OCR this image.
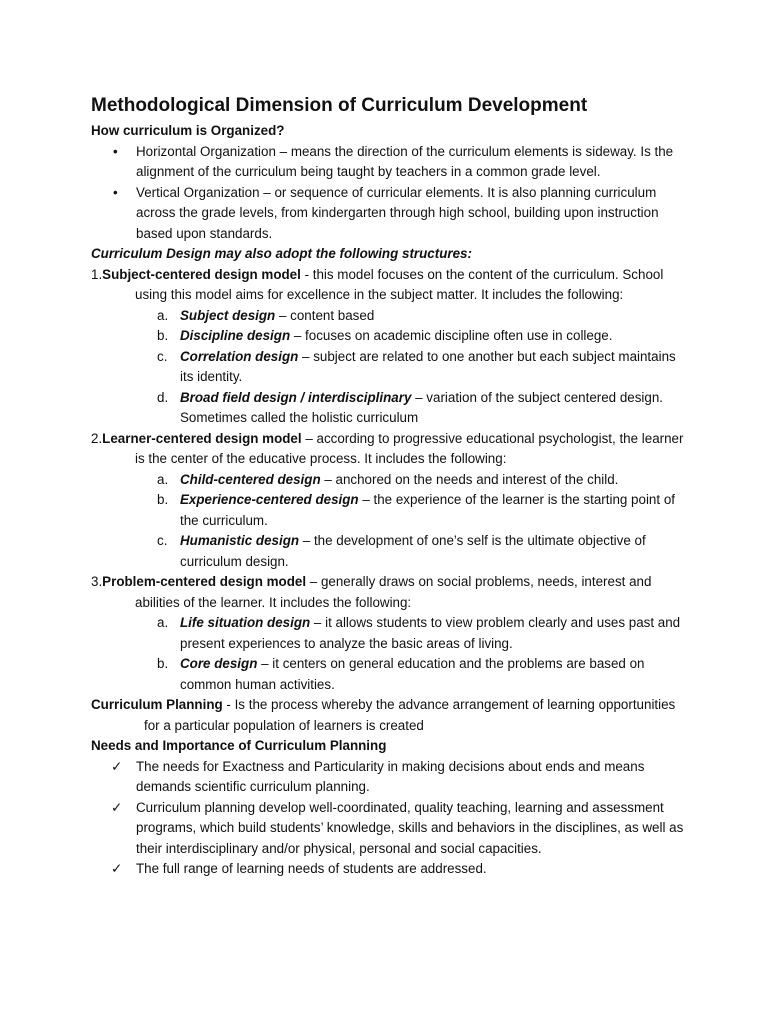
Methodological Dimension of Curriculum Development

How curriculum is Organized?

• Horizontal Organization – means the direction of the curriculum elements is sideway. Is the alignment of the curriculum being taught by teachers in a common grade level.

• Vertical Organization – or sequence of curricular elements. It is also planning curriculum across the grade levels, from kindergarten through high school, building upon instruction based upon standards.

Curriculum Design may also adopt the following structures:

1.Subject-centered design model - this model focuses on the content of the curriculum. School using this model aims for excellence in the subject matter. It includes the following:

a. Subject design – content based

b. Discipline design – focuses on academic discipline often use in college.

c. Correlation design – subject are related to one another but each subject maintains its identity.

d. Broad field design / interdisciplinary – variation of the subject centered design. Sometimes called the holistic curriculum

2.Learner-centered design model – according to progressive educational psychologist, the learner is the center of the educative process. It includes the following:

a. Child-centered design – anchored on the needs and interest of the child.

b. Experience-centered design – the experience of the learner is the starting point of the curriculum.

c. Humanistic design – the development of one’s self is the ultimate objective of curriculum design.

3.Problem-centered design model – generally draws on social problems, needs, interest and abilities of the learner. It includes the following:

a. Life situation design – it allows students to view problem clearly and uses past and present experiences to analyze the basic areas of living.

b. Core design – it centers on general education and the problems are based on common human activities.

Curriculum Planning - Is the process whereby the advance arrangement of learning opportunities for a particular population of learners is created

Needs and Importance of Curriculum Planning

✓ The needs for Exactness and Particularity in making decisions about ends and means demands scientific curriculum planning.

✓ Curriculum planning develop well-coordinated, quality teaching, learning and assessment programs, which build students’ knowledge, skills and behaviors in the disciplines, as well as their interdisciplinary and/or physical, personal and social capacities.

✓ The full range of learning needs of students are addressed.
